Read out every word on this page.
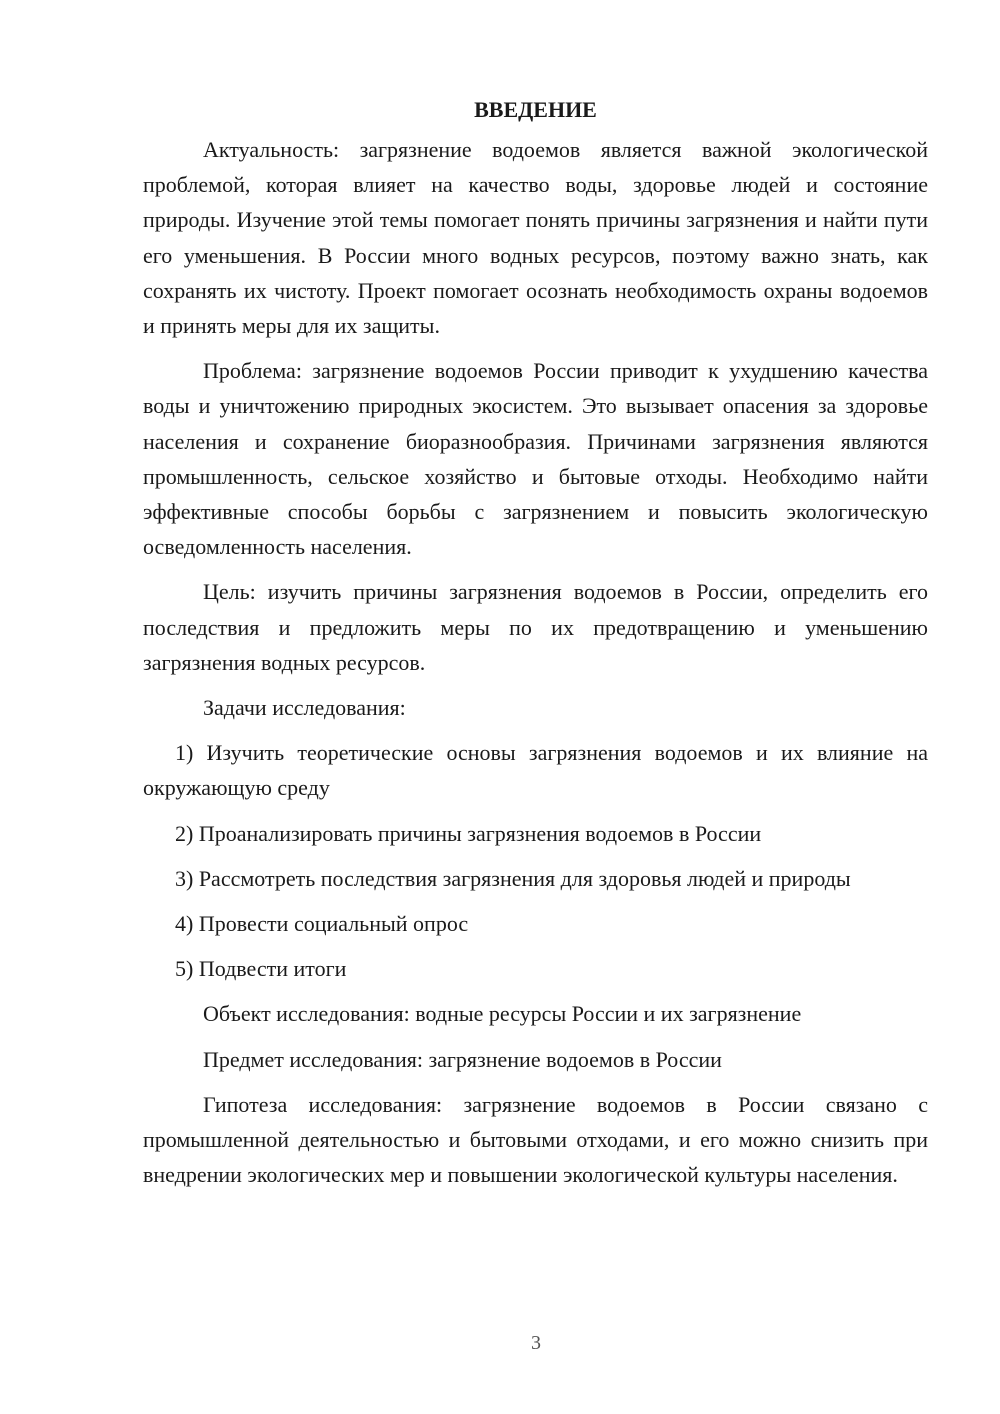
ВВЕДЕНИЕ

Актуальность: загрязнение водоемов является важной экологической проблемой, которая влияет на качество воды, здоровье людей и состояние природы. Изучение этой темы помогает понять причины загрязнения и найти пути его уменьшения. В России много водных ресурсов, поэтому важно знать, как сохранять их чистоту. Проект помогает осознать необходимость охраны водоемов и принять меры для их защиты.

Проблема: загрязнение водоемов России приводит к ухудшению качества воды и уничтожению природных экосистем. Это вызывает опасения за здоровье населения и сохранение биоразнообразия. Причинами загрязнения являются промышленность, сельское хозяйство и бытовые отходы. Необходимо найти эффективные способы борьбы с загрязнением и повысить экологическую осведомленность населения.

Цель: изучить причины загрязнения водоемов в России, определить его последствия и предложить меры по их предотвращению и уменьшению загрязнения водных ресурсов.

Задачи исследования:

1) Изучить теоретические основы загрязнения водоемов и их влияние на окружающую среду

2) Проанализировать причины загрязнения водоемов в России

3) Рассмотреть последствия загрязнения для здоровья людей и природы

4) Провести социальный опрос

5) Подвести итоги

Объект исследования: водные ресурсы России и их загрязнение

Предмет исследования: загрязнение водоемов в России

Гипотеза исследования: загрязнение водоемов в России связано с промышленной деятельностью и бытовыми отходами, и его можно снизить при внедрении экологических мер и повышении экологической культуры населения.

3
